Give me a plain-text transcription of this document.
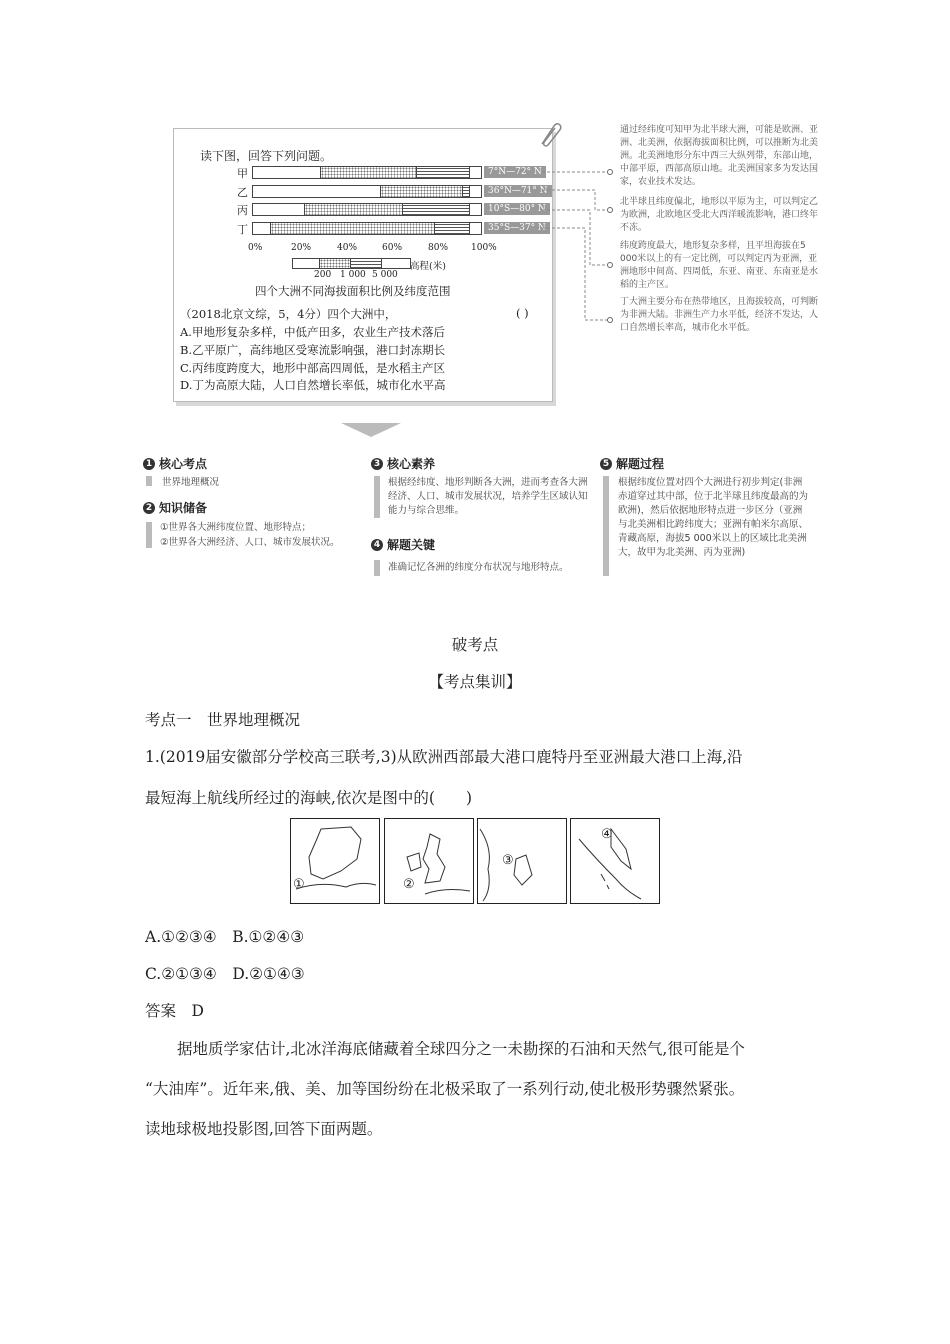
读下图，回答下列问题。
甲	7°N—72° N
乙	36°N—71° N
丙	10°S—80° N
丁	35°S—37° N
0%	20%	40%	60%	80%	100%
200 1 000 5 000
高程(米)
四个大洲不同海拔面积比例及纬度范围
（2018北京文综，5，4分）四个大洲中，	( )
A.甲地形复杂多样，中低产田多，农业生产技术落后
B.乙平原广，高纬地区受寒流影响强，港口封冻期长
C.丙纬度跨度大，地形中部高四周低，是水稻主产区
D.丁为高原大陆，人口自然增长率低，城市化水平高
通过经纬度可知甲为北半球大洲，可能是欧洲、亚洲、北美洲，依据海拔面积比例，可以推断为北美洲。北美洲地形分东中西三大纵列带，东部山地，中部平原，西部高原山地。北美洲国家多为发达国家，农业技术发达。
北半球且纬度偏北，地形以平原为主，可以判定乙为欧洲，北欧地区受北大西洋暖流影响，港口终年不冻。
纬度跨度最大，地形复杂多样，且平坦海拔在5 000米以上的有一定比例，可以判定丙为亚洲，亚洲地形中间高、四周低，东亚、南亚、东南亚是水稻的主产区。
丁大洲主要分布在热带地区，且海拔较高，可判断为非洲大陆。非洲生产力水平低，经济不发达，人口自然增长率高，城市化水平低。
1 核心考点
世界地理概况
2 知识储备
①世界各大洲纬度位置、地形特点；
②世界各大洲经济、人口、城市发展状况。
3 核心素养
根据经纬度、地形判断各大洲，进而考查各大洲经济、人口、城市发展状况，培养学生区域认知能力与综合思维。
4 解题关键
准确记忆各洲的纬度分布状况与地形特点。
5 解题过程
根据纬度位置对四个大洲进行初步判定(非洲赤道穿过其中部，位于北半球且纬度最高的为欧洲)，然后依据地形特点进一步区分（亚洲与北美洲相比跨纬度大；亚洲有帕米尔高原、青藏高原，海拔5 000米以上的区域比北美洲大，故甲为北美洲、丙为亚洲)
破考点
【考点集训】
考点一　世界地理概况
1.(2019届安徽部分学校高三联考,3)从欧洲西部最大港口鹿特丹至亚洲最大港口上海,沿
最短海上航线所经过的海峡,依次是图中的(　　)
①	②
③
④
A.①②③④　B.①②④③
C.②①③④　D.②①④③
答案　D
据地质学家估计,北冰洋海底储藏着全球四分之一未勘探的石油和天然气,很可能是个
“大油库”。近年来,俄、美、加等国纷纷在北极采取了一系列行动,使北极形势骤然紧张。
读地球极地投影图,回答下面两题。
